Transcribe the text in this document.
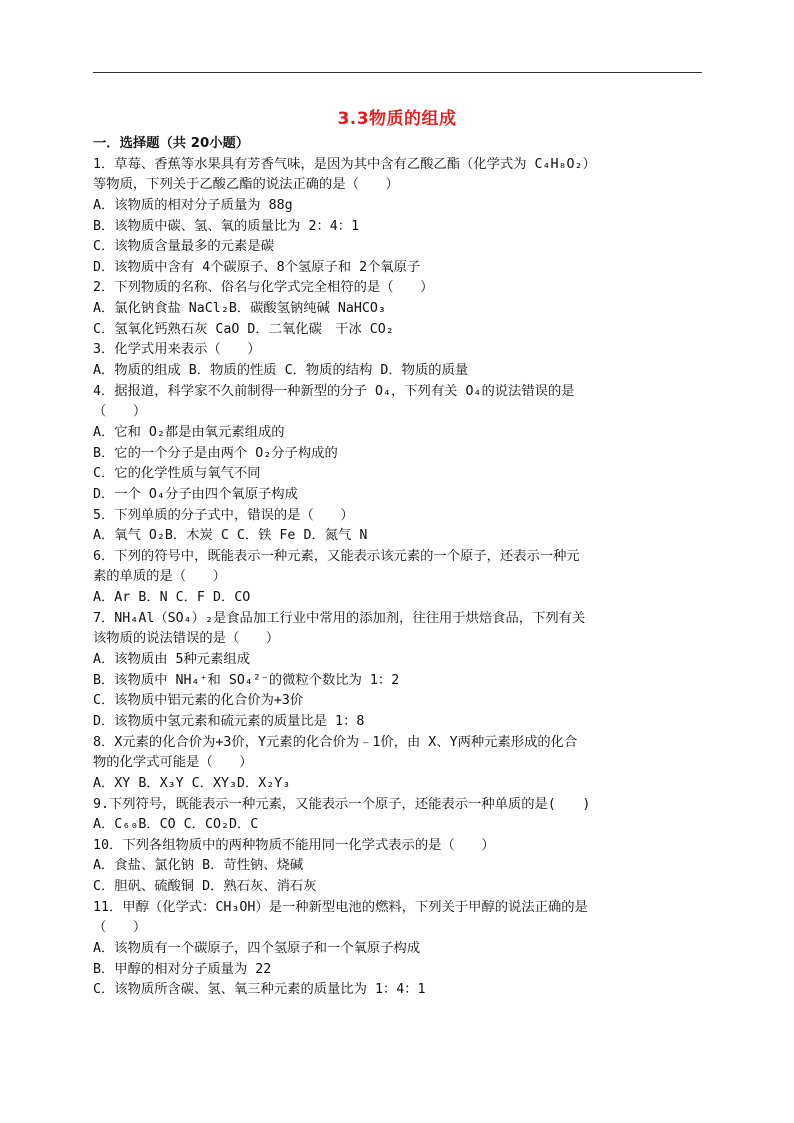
3.3物质的组成
一．选择题（共 20小题）
1．草莓、香蕉等水果具有芳香气味，是因为其中含有乙酸乙酯（化学式为 C₄H₈O₂）
等物质，下列关于乙酸乙酯的说法正确的是（　　）
A．该物质的相对分子质量为 88g
B．该物质中碳、氢、氧的质量比为 2：4：1
C．该物质含量最多的元素是碳
D．该物质中含有 4个碳原子、8个氢原子和 2个氧原子
2．下列物质的名称、俗名与化学式完全相符的是（　　）
A．氯化钠食盐 NaCl₂B．碳酸氢钠纯碱 NaHCO₃
C．氢氧化钙熟石灰 CaO D．二氧化碳　干冰 CO₂
3．化学式用来表示（　　）
A．物质的组成 B．物质的性质 C．物质的结构 D．物质的质量
4．据报道，科学家不久前制得一种新型的分子 O₄，下列有关 O₄的说法错误的是
（　　）
A．它和 O₂都是由氧元素组成的
B．它的一个分子是由两个 O₂分子构成的
C．它的化学性质与氧气不同
D．一个 O₄分子由四个氧原子构成
5．下列单质的分子式中，错误的是（　　）
A．氧气 O₂B．木炭 C C．铁 Fe D．氮气 N
6．下列的符号中，既能表示一种元素，又能表示该元素的一个原子，还表示一种元
素的单质的是（　　）
A．Ar B．N C．F D．CO
7．NH₄Al（SO₄）₂是食品加工行业中常用的添加剂，往往用于烘焙食品，下列有关
该物质的说法错误的是（　　）
A．该物质由 5种元素组成
B．该物质中 NH₄⁺和 SO₄²⁻的微粒个数比为 1：2
C．该物质中铝元素的化合价为+3价
D．该物质中氢元素和硫元素的质量比是 1：8
8．X元素的化合价为+3价，Y元素的化合价为﹣1价，由 X、Y两种元素形成的化合
物的化学式可能是（　　）
A．XY B．X₃Y C．XY₃D．X₂Y₃
9.下列符号，既能表示一种元素，又能表示一个原子，还能表示一种单质的是(　　)
A．C₆₀B．CO C．CO₂D．C
10．下列各组物质中的两种物质不能用同一化学式表示的是（　　）
A．食盐、氯化钠 B．苛性钠、烧碱
C．胆矾、硫酸铜 D．熟石灰、消石灰
11．甲醇（化学式：CH₃OH）是一种新型电池的燃料，下列关于甲醇的说法正确的是
（　　）
A．该物质有一个碳原子，四个氢原子和一个氧原子构成
B．甲醇的相对分子质量为 22
C．该物质所含碳、氢、氧三种元素的质量比为 1：4：1
